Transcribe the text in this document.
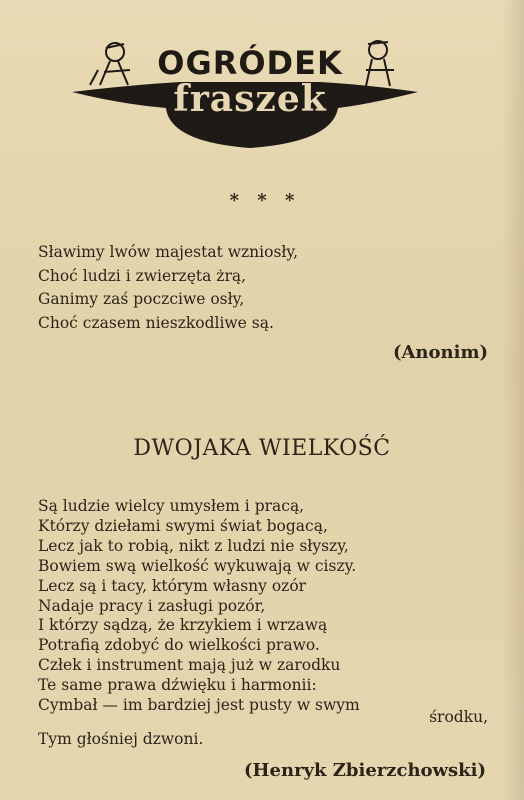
OGRÓDEK
fraszek
* * *
Sławimy lwów majestat wzniosły,
Choć ludzi i zwierzęta żrą,
Ganimy zaś poczciwe osły,
Choć czasem nieszkodliwe są.
(Anonim)
DWOJAKA WIELKOŚĆ
Są ludzie wielcy umysłem i pracą,
Którzy dziełami swymi świat bogacą,
Lecz jak to robią, nikt z ludzi nie słyszy,
Bowiem swą wielkość wykuwają w ciszy.
Lecz są i tacy, którym własny ozór
Nadaje pracy i zasługi pozór,
I którzy sądzą, że krzykiem i wrzawą
Potrafią zdobyć do wielkości prawo.
Człek i instrument mają już w zarodku
Te same prawa dźwięku i harmonii:
Cymbał — im bardziej jest pusty w swym
środku,
Tym głośniej dzwoni.
(Henryk Zbierzchowski)
